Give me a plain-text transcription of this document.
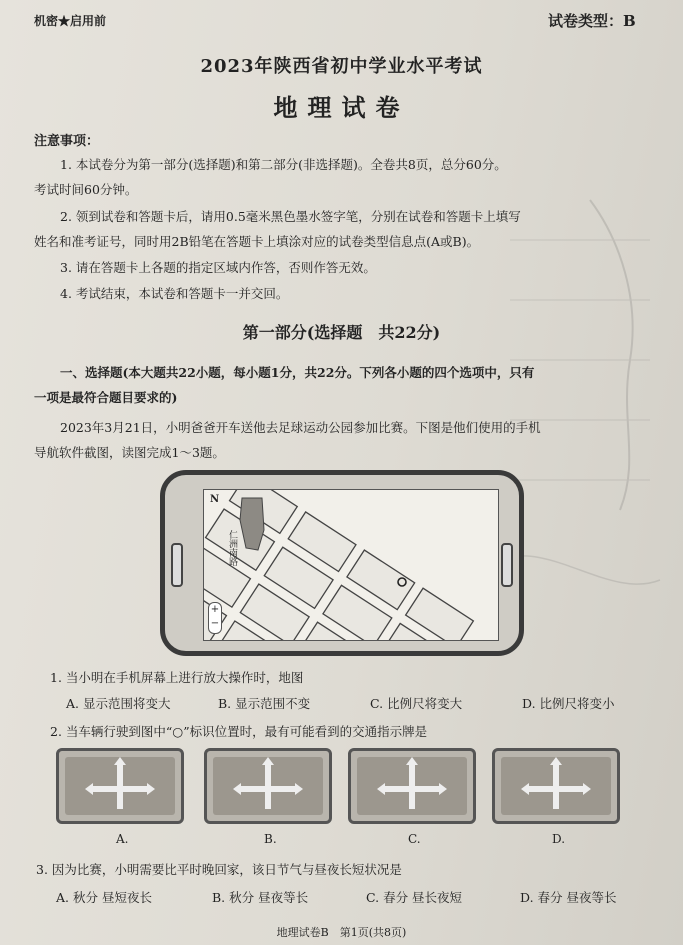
机密★启用前	试卷类型：B
2023年陕西省初中学业水平考试
地理试卷
注意事项：
1. 本试卷分为第一部分(选择题)和第二部分(非选择题)。全卷共8页，总分60分。
考试时间60分钟。
2. 领到试卷和答题卡后，请用0.5毫米黑色墨水签字笔，分别在试卷和答题卡上填写
姓名和准考证号，同时用2B铅笔在答题卡上填涂对应的试卷类型信息点(A或B)。
3. 请在答题卡上各题的指定区域内作答，否则作答无效。
4. 考试结束，本试卷和答题卡一并交回。
第一部分(选择题　共22分)
一、选择题(本大题共22小题，每小题1分，共22分。下列各小题的四个选项中，只有
一项是最符合题目要求的)
2023年3月21日，小明爸爸开车送他去足球运动公园参加比赛。下图是他们使用的手机
导航软件截图，读图完成1～3题。
N
仁洲南路
+
−
1. 当小明在手机屏幕上进行放大操作时，地图
A. 显示范围将变大	B. 显示范围不变	C. 比例尺将变大	D. 比例尺将变小
2. 当车辆行驶到图中“○”标识位置时，最有可能看到的交通指示牌是
A.	B.	C.	D.
3. 因为比赛，小明需要比平时晚回家，该日节气与昼夜长短状况是
A. 秋分 昼短夜长	B. 秋分 昼夜等长	C. 春分 昼长夜短	D. 春分 昼夜等长
地理试卷B　第1页(共8页)
